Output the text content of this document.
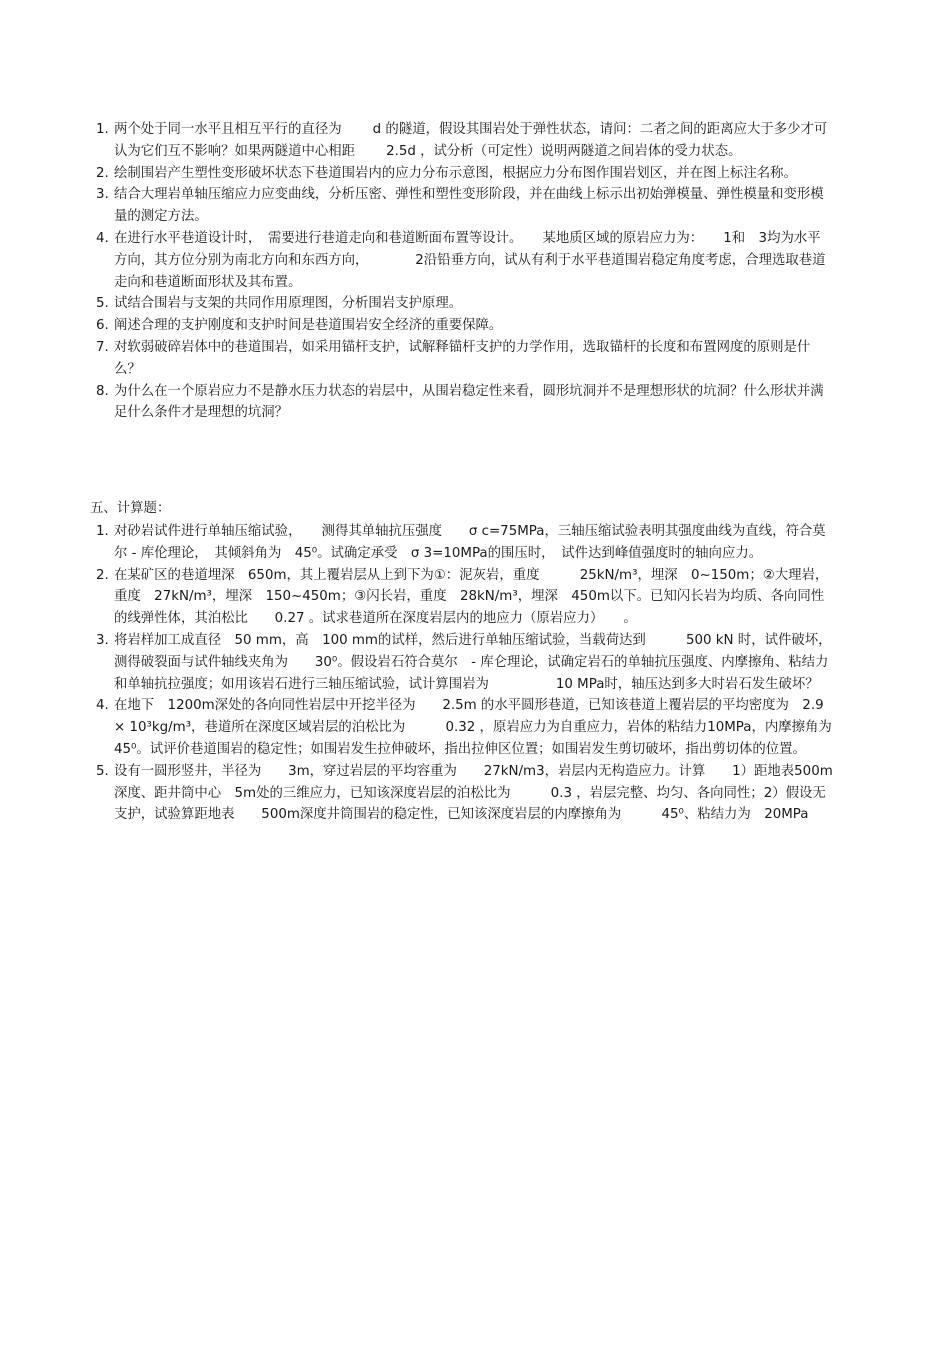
1. 两个处于同一水平且相互平行的直径为　　 d 的隧道，假设其围岩处于弹性状态，请问：二者之间的距离应大于多少才可认为它们互不影响？如果两隧道中心相距　　 2.5d ，试分析（可定性）说明两隧道之间岩体的受力状态。
2. 绘制围岩产生塑性变形破坏状态下巷道围岩内的应力分布示意图，根据应力分布图作围岩划区，并在图上标注名称。
3. 结合大理岩单轴压缩应力应变曲线，分析压密、弹性和塑性变形阶段，并在曲线上标示出初始弹模量、弹性模量和变形模量的测定方法。
4. 在进行水平巷道设计时，　需要进行巷道走向和巷道断面布置等设计。　　某地质区域的原岩应力为：　　1和　3均为水平方向，其方位分别为南北方向和东西方向，　　　　2沿铅垂方向，试从有利于水平巷道围岩稳定角度考虑，合理选取巷道走向和巷道断面形状及其布置。
5. 试结合围岩与支架的共同作用原理图，分析围岩支护原理。
6. 阐述合理的支护刚度和支护时间是巷道围岩安全经济的重要保障。
7. 对软弱破碎岩体中的巷道围岩，如采用锚杆支护，试解释锚杆支护的力学作用，选取锚杆的长度和布置网度的原则是什么？
8. 为什么在一个原岩应力不是静水压力状态的岩层中，从围岩稳定性来看，圆形坑洞并不是理想形状的坑洞？什么形状并满足什么条件才是理想的坑洞？
五、计算题：
1. 对砂岩试件进行单轴压缩试验，　　测得其单轴抗压强度　　σ c=75MPa，三轴压缩试验表明其强度曲线为直线，符合莫尔 - 库伦理论，　其倾斜角为　45⁰。试确定承受　σ 3=10MPa的围压时，　试件达到峰值强度时的轴向应力。
2. 在某矿区的巷道埋深　650m，其上覆岩层从上到下为①：泥灰岩，重度　　　25kN/m³，埋深　0~150m；②大理岩，重度　27kN/m³，埋深　150~450m；③闪长岩，重度　28kN/m³，埋深　450m以下。已知闪长岩为均质、各向同性的线弹性体，其泊松比　　0.27 。试求巷道所在深度岩层内的地应力（原岩应力）　　。
3. 将岩样加工成直径　50 mm，高　100 mm的试样，然后进行单轴压缩试验，当载荷达到　　　500 kN 时，试件破坏，测得破裂面与试件轴线夹角为　　30⁰。假设岩石符合莫尔　- 库仑理论，试确定岩石的单轴抗压强度、内摩擦角、粘结力和单轴抗拉强度；如用该岩石进行三轴压缩试验，试计算围岩为　　　　　10 MPa时，轴压达到多大时岩石发生破坏？
4. 在地下　1200m深处的各向同性岩层中开挖半径为　　2.5m 的水平圆形巷道，已知该巷道上覆岩层的平均密度为　2.9 × 10³kg/m³，巷道所在深度区域岩层的泊松比为　　　0.32 ，原岩应力为自重应力，岩体的粘结力10MPa，内摩擦角为　　45⁰。试评价巷道围岩的稳定性；如围岩发生拉伸破坏，指出拉伸区位置；如围岩发生剪切破坏，指出剪切体的位置。
5. 设有一圆形竖井，半径为　　3m，穿过岩层的平均容重为　　27kN/m3，岩层内无构造应力。计算　　1）距地表500m深度、距井筒中心　5m处的三维应力，已知该深度岩层的泊松比为　　　0.3 ，岩层完整、均匀、各向同性；2）假设无支护，试验算距地表　　500m深度井筒围岩的稳定性，已知该深度岩层的内摩擦角为　　　45⁰、粘结力为　20MPa
